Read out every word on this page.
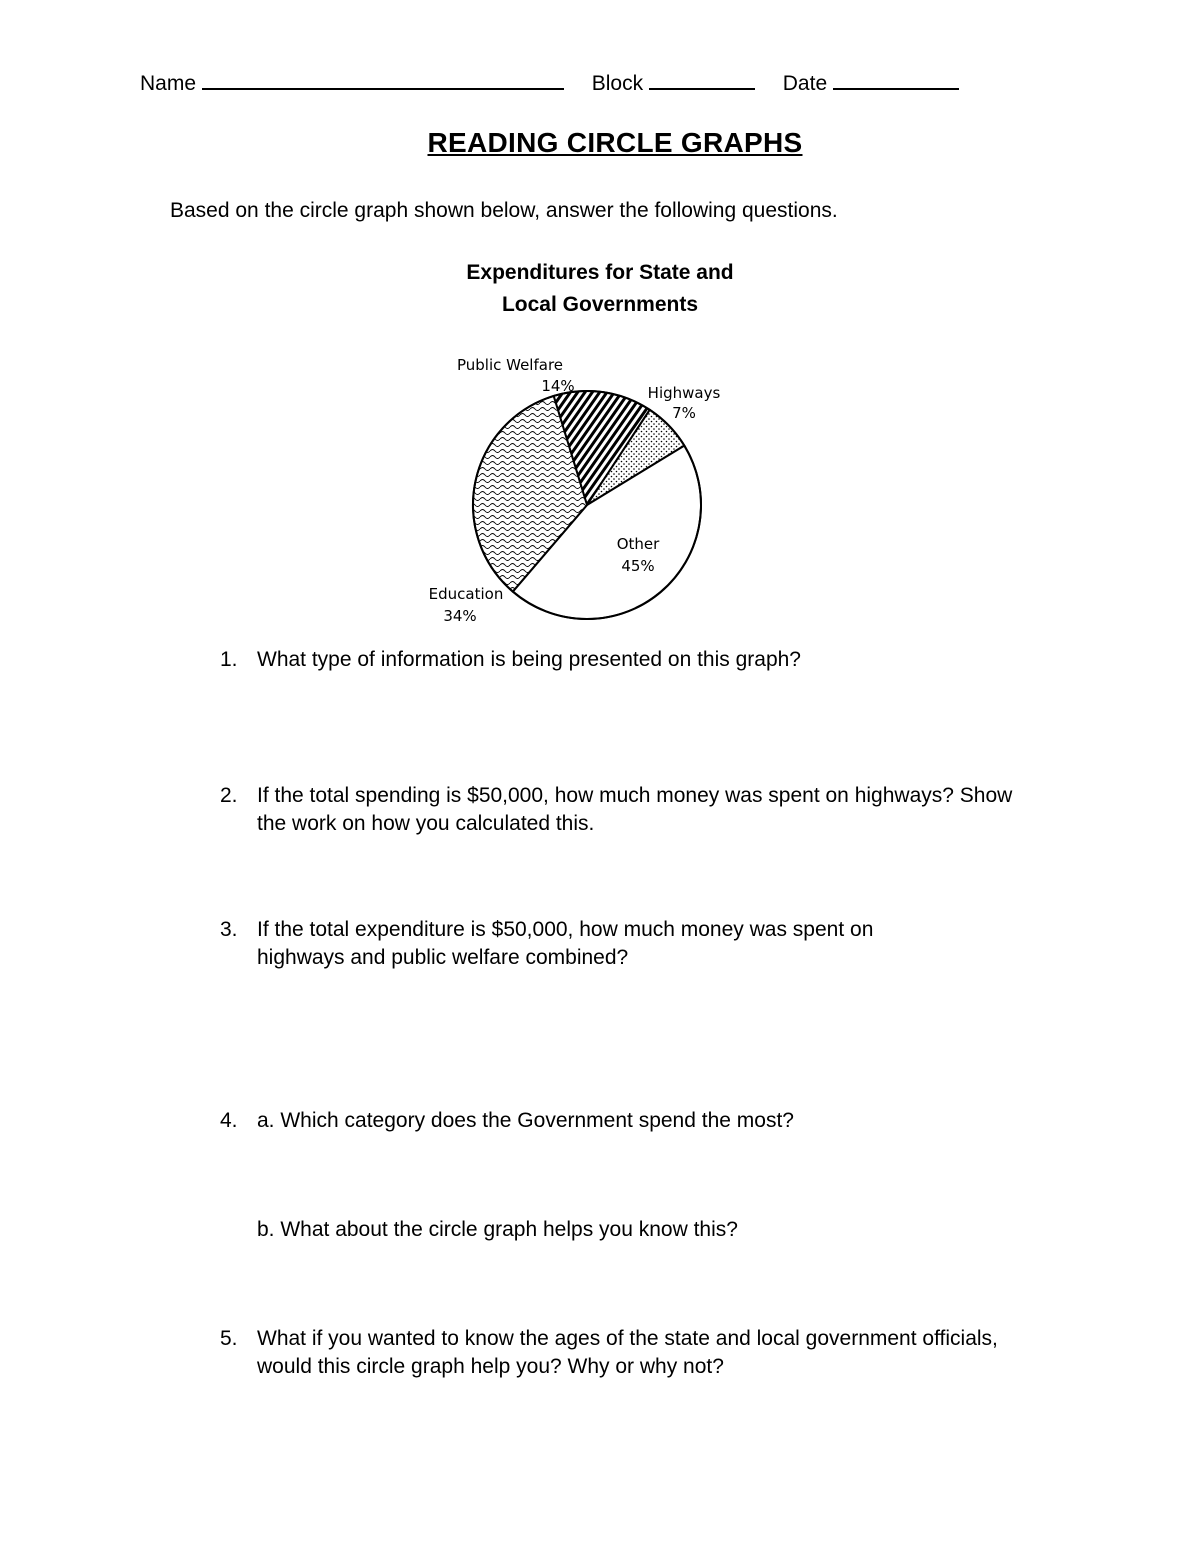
Name	Block	Date
READING CIRCLE GRAPHS
Based on the circle graph shown below, answer the following questions.
Expenditures for State and
Local Governments
Public Welfare
14%	Highways
7%
Other
45%
Education
34%
1. What type of information is being presented on this graph?
2. If the total spending is $50,000, how much money was spent on highways? Show the work on how you calculated this.
3. If the total expenditure is $50,000, how much money was spent on highways and public welfare combined?
4. a. Which category does the Government spend the most?
b. What about the circle graph helps you know this?
5. What if you wanted to know the ages of the state and local government officials, would this circle graph help you? Why or why not?
